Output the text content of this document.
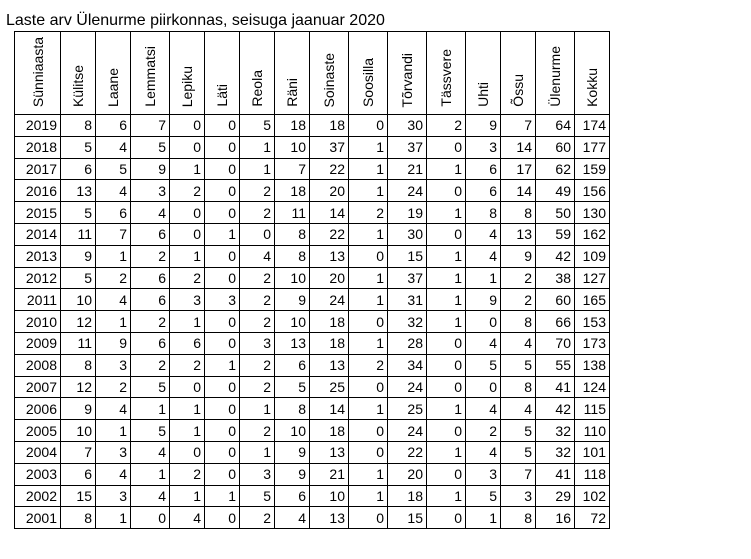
Laste arv Ülenurme piirkonnas, seisuga jaanuar 2020
Sünniaasta	Külitse	Laane	Lemmatsi	Lepiku	Läti	Reola	Räni	Soinaste	Soosilla	Tõrvandi	Tässvere	Uhti	Õssu	Ülenurme	Kokku
2019	8	6	7	0	0	5	18	18	0	30	2	9	7	64	174
2018	5	4	5	0	0	1	10	37	1	37	0	3	14	60	177
2017	6	5	9	1	0	1	7	22	1	21	1	6	17	62	159
2016	13	4	3	2	0	2	18	20	1	24	0	6	14	49	156
2015	5	6	4	0	0	2	11	14	2	19	1	8	8	50	130
2014	11	7	6	0	1	0	8	22	1	30	0	4	13	59	162
2013	9	1	2	1	0	4	8	13	0	15	1	4	9	42	109
2012	5	2	6	2	0	2	10	20	1	37	1	1	2	38	127
2011	10	4	6	3	3	2	9	24	1	31	1	9	2	60	165
2010	12	1	2	1	0	2	10	18	0	32	1	0	8	66	153
2009	11	9	6	6	0	3	13	18	1	28	0	4	4	70	173
2008	8	3	2	2	1	2	6	13	2	34	0	5	5	55	138
2007	12	2	5	0	0	2	5	25	0	24	0	0	8	41	124
2006	9	4	1	1	0	1	8	14	1	25	1	4	4	42	115
2005	10	1	5	1	0	2	10	18	0	24	0	2	5	32	110
2004	7	3	4	0	0	1	9	13	0	22	1	4	5	32	101
2003	6	4	1	2	0	3	9	21	1	20	0	3	7	41	118
2002	15	3	4	1	1	5	6	10	1	18	1	5	3	29	102
2001	8	1	0	4	0	2	4	13	0	15	0	1	8	16	72
